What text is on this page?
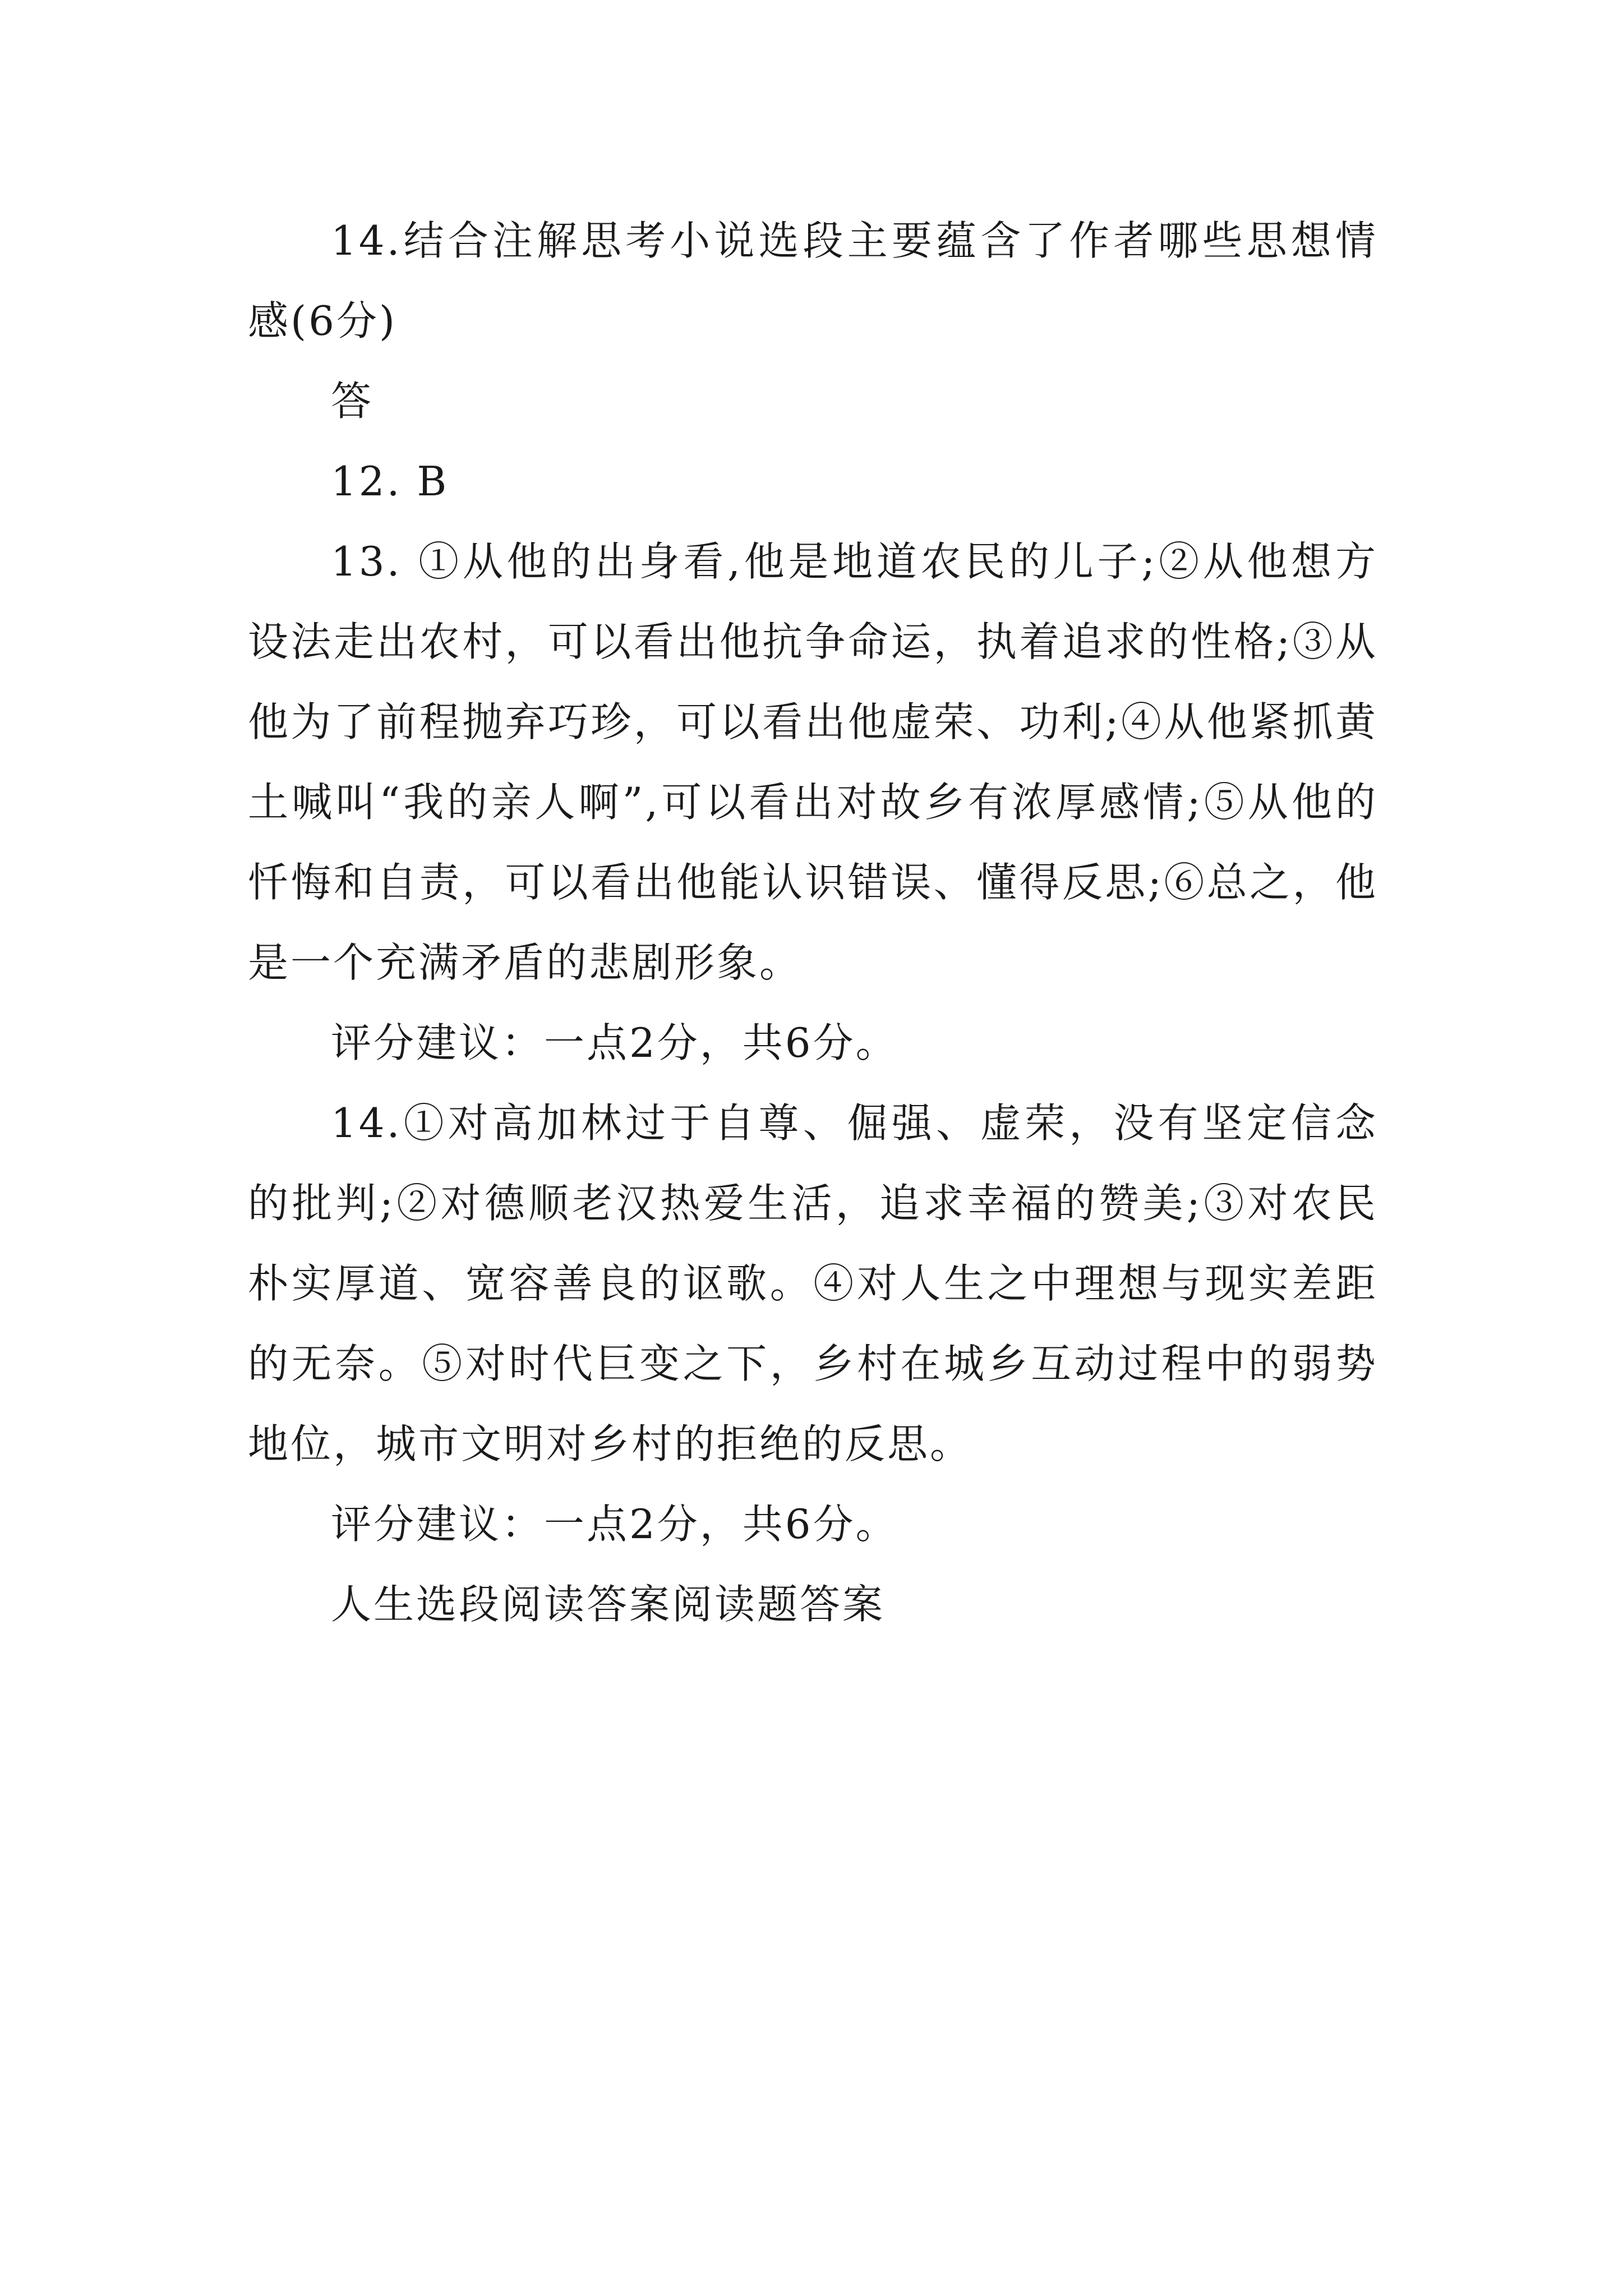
14.结合注解思考小说选段主要蕴含了作者哪些思想情感(6分)

答

12. B

13. ①从他的出身看,他是地道农民的儿子;②从他想方设法走出农村，可以看出他抗争命运，执着追求的性格;③从他为了前程抛弃巧珍，可以看出他虚荣、功利;④从他紧抓黄土喊叫“我的亲人啊”,可以看出对故乡有浓厚感情;⑤从他的忏悔和自责，可以看出他能认识错误、懂得反思;⑥总之，他是一个充满矛盾的悲剧形象。

评分建议：一点2分，共6分。

14.①对高加林过于自尊、倔强、虚荣，没有坚定信念的批判;②对德顺老汉热爱生活，追求幸福的赞美;③对农民朴实厚道、宽容善良的讴歌。④对人生之中理想与现实差距的无奈。⑤对时代巨变之下，乡村在城乡互动过程中的弱势地位，城市文明对乡村的拒绝的反思。

评分建议：一点2分，共6分。

人生选段阅读答案阅读题答案
